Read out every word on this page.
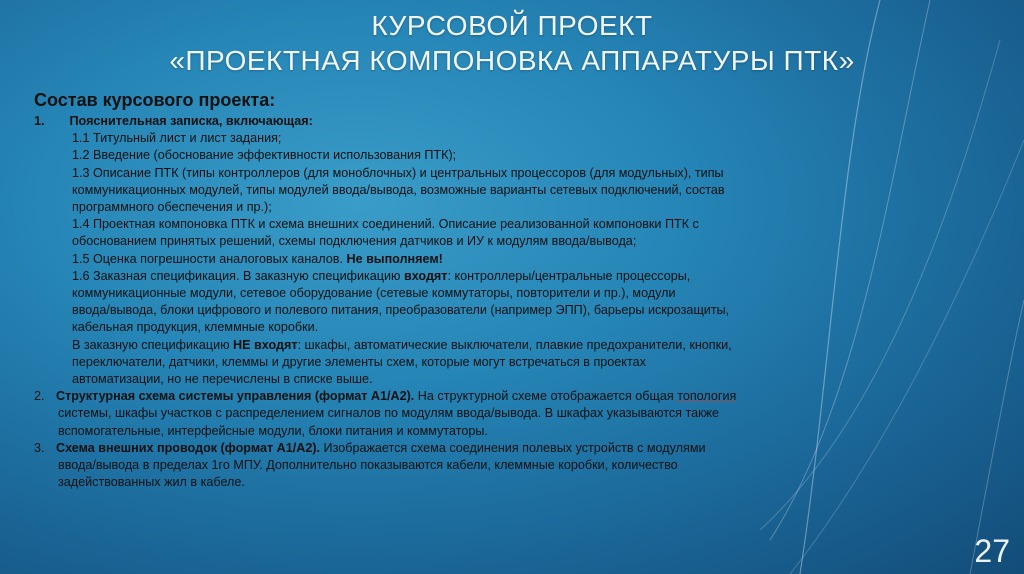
КУРСОВОЙ ПРОЕКТ
«ПРОЕКТНАЯ КОМПОНОВКА АППАРАТУРЫ ПТК»
Состав курсового проекта:

1. Пояснительная записка, включающая:

1.1 Титульный лист и лист задания;

1.2 Введение (обоснование эффективности использования ПТК);

1.3 Описание ПТК (типы контроллеров (для моноблочных) и центральных процессоров (для модульных), типы

коммуникационных модулей, типы модулей ввода/вывода, возможные варианты сетевых подключений, состав

программного обеспечения и пр.);

1.4 Проектная компоновка ПТК и схема внешних соединений. Описание реализованной компоновки ПТК с

обоснованием принятых решений, схемы подключения датчиков и ИУ к модулям ввода/вывода;

1.5 Оценка погрешности аналоговых каналов. Не выполняем!

1.6 Заказная спецификация. В заказную спецификацию входят: контроллеры/центральные процессоры,

коммуникационные модули, сетевое оборудование (сетевые коммутаторы, повторители и пр.), модули

ввода/вывода, блоки цифрового и полевого питания, преобразователи (например ЭПП), барьеры искрозащиты,

кабельная продукция, клеммные коробки.

В заказную спецификацию НЕ входят: шкафы, автоматические выключатели, плавкие предохранители, кнопки,

переключатели, датчики, клеммы и другие элементы схем, которые могут встречаться в проектах

автоматизации, но не перечислены в списке выше.

2. Структурная схема системы управления (формат А1/А2). На структурной схеме отображается общая топология

системы, шкафы участков с распределением сигналов по модулям ввода/вывода. В шкафах указываются также

вспомогательные, интерфейсные модули, блоки питания и коммутаторы.

3. Схема внешних проводок (формат А1/А2). Изображается схема соединения полевых устройств с модулями

ввода/вывода в пределах 1го МПУ. Дополнительно показываются кабели, клеммные коробки, количество

задействованных жил в кабеле.

27
